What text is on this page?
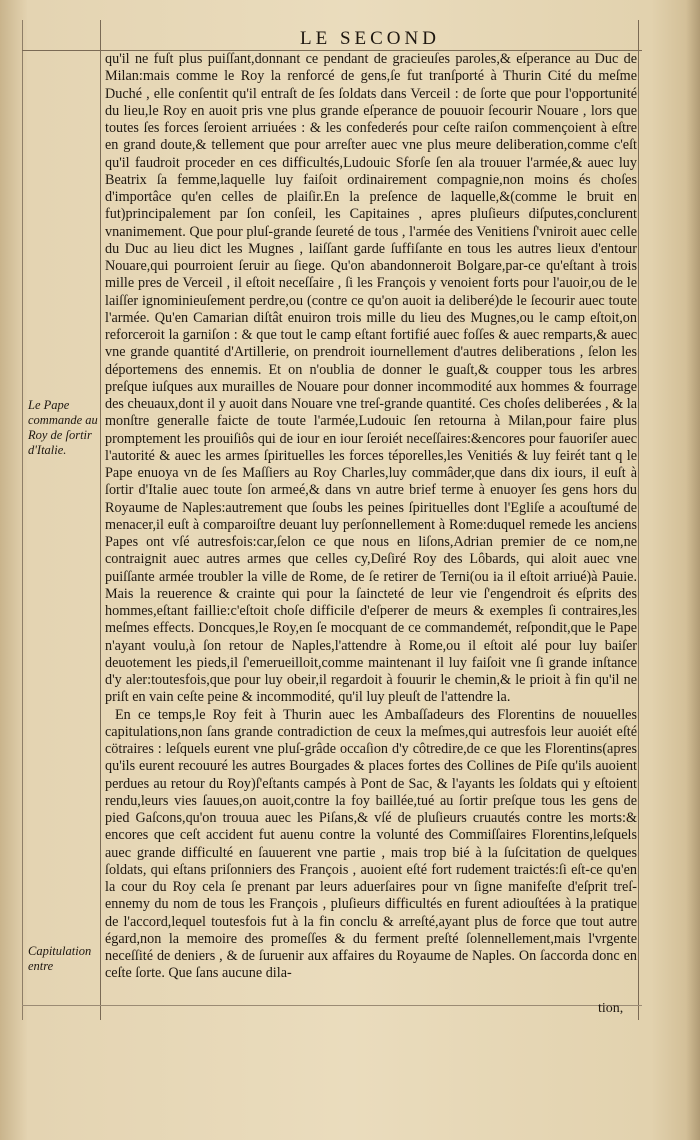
LE SECOND

qu'il ne fuſt plus puiſſant,donnant ce pendant de gracieuſes paroles,& eſperance au Duc de Milan:mais comme le Roy la renforcé de gens,ſe fut tranſporté à Thurin Cité du meſme Duché , elle conſentit qu'il entraſt de ſes ſoldats dans Verceil : de ſorte que pour l'opportunité du lieu,le Roy en auoit pris vne plus grande eſperance de pouuoir ſecourir Nouare , lors que toutes ſes forces ſeroient arriuées : & les confederés pour ceſte raiſon commençoient à eſtre en grand doute,& tellement que pour arreſter auec vne plus meure deliberation,comme c'eſt qu'il faudroit proceder en ces difficultés,Ludouic Sforſe ſen ala trouuer l'armée,& auec luy Beatrix ſa femme,laquelle luy faiſoit ordinairement compagnie,non moins és choſes d'importâce qu'en celles de plaiſir.En la preſence de laquelle,&(comme le bruit en fut)principalement par ſon conſeil, les Capitaines , apres pluſieurs diſputes,conclurent vnanimement. Que pour pluſ-grande ſeureté de tous , l'armée des Venitiens ſ'vniroit auec celle du Duc au lieu dict les Mugnes , laiſſant garde ſuffiſante en tous les autres lieux d'entour Nouare,qui pourroient ſeruir au ſiege. Qu'on abandonneroit Bolgare,par-ce qu'eſtant à trois mille pres de Verceil , il eſtoit neceſſaire , ſi les François y venoient forts pour l'auoir,ou de le laiſſer ignominieuſement perdre,ou (contre ce qu'on auoit ia deliberé)de le ſecourir auec toute l'armée. Qu'en Camarian diſtât enuiron trois mille du lieu des Mugnes,ou le camp eſtoit,on reforceroit la garniſon : & que tout le camp eſtant fortifié auec foſſes & auec remparts,& auec vne grande quantité d'Artillerie, on prendroit iournellement d'autres deliberations , ſelon les déportemens des ennemis. Et on n'oublia de donner le guaſt,& coupper tous les arbres preſque iuſques aux murailles de Nouare pour donner incommodité aux hommes & fourrage des cheuaux,dont il y auoit dans Nouare vne treſ-grande quantité. Ces choſes deliberées , & la monſtre generalle faicte de toute l'armée,Ludouic ſen retourna à Milan,pour faire plus promptement les prouiſiôs qui de iour en iour ſeroiét neceſſaires:&encores pour fauoriſer auec l'autorité & auec les armes ſpirituelles les forces téporelles,les Venitiés & luy feirét tant q le Pape enuoya vn de ſes Maſſiers au Roy Charles,luy commâder,que dans dix iours, il euſt à ſortir d'Italie auec toute ſon armeé,& dans vn autre brief terme à enuoyer ſes gens hors du Royaume de Naples:autrement que ſoubs les peines ſpirituelles dont l'Egliſe a acouſtumé de menacer,il euſt à comparoiſtre deuant luy perſonnellement à Rome:duquel remede les anciens Papes ont vſé autresfois:car,ſelon ce que nous en liſons,Adrian premier de ce nom,ne contraignit auec autres armes que celles cy,Deſiré Roy des Lôbards, qui aloit auec vne puiſſante armée troubler la ville de Rome, de ſe retirer de Terni(ou ia il eſtoit arriué)à Pauie. Mais la reuerence & crainte qui pour la ſaincteté de leur vie ſ'engendroit és eſprits des hommes,eſtant faillie:c'eſtoit choſe difficile d'eſperer de meurs & exemples ſi contraires,les meſmes effects. Doncques,le Roy,en ſe mocquant de ce commandemét, reſpondit,que le Pape n'ayant voulu,à ſon retour de Naples,l'attendre à Rome,ou il eſtoit alé pour luy baiſer deuotement les pieds,il ſ'emerueilloit,comme maintenant il luy faiſoit vne ſi grande inſtance d'y aler:toutesfois,que pour luy obeir,il regardoit à fouurir le chemin,& le prioit à fin qu'il ne priſt en vain ceſte peine & incommodité, qu'il luy pleuſt de l'attendre la.

En ce temps,le Roy feit à Thurin auec les Ambaſſadeurs des Florentins de nouuelles capitulations,non ſans grande contradiction de ceux la meſmes,qui autresfois leur auoiét eſté cötraires : leſquels eurent vne pluſ-grâde occaſion d'y côtredire,de ce que les Florentins(apres qu'ils eurent recouuré les autres Bourgades & places fortes des Collines de Piſe qu'ils auoient perdues au retour du Roy)ſ'eſtants campés à Pont de Sac, & l'ayants les ſoldats qui y eſtoient rendu,leurs vies ſauues,on auoit,contre la foy baillée,tué au ſortir preſque tous les gens de pied Gaſcons,qu'on trouua auec les Piſans,& vſé de pluſieurs cruautés contre les morts:& encores que ceſt accident fut auenu contre la volunté des Commiſſaires Florentins,leſquels auec grande difficulté en ſauuerent vne partie , mais trop bié à la ſuſcitation de quelques ſoldats, qui eſtans priſonniers des François , auoient eſté fort rudement traictés:ſi eſt-ce qu'en la cour du Roy cela ſe prenant par leurs aduerſaires pour vn ſigne manifeſte d'eſprit treſ-ennemy du nom de tous les François , pluſieurs difficultés en furent adiouſtées à la pratiquе de l'accord,lequel toutesfois fut à la fin conclu & arreſté,ayant plus de force que tout autre égard,non la memoire des promeſſes & du ferment preſté ſolennellement,mais l'vrgente neceſſité de deniers , & de ſuruenir aux affaires du Royaume de Naples. On ſaccorda donc en ceſte ſorte. Que ſans aucune dila-

Le Pape commande au Roy de ſortir d'Italie.
Capitulation entre
tion,
